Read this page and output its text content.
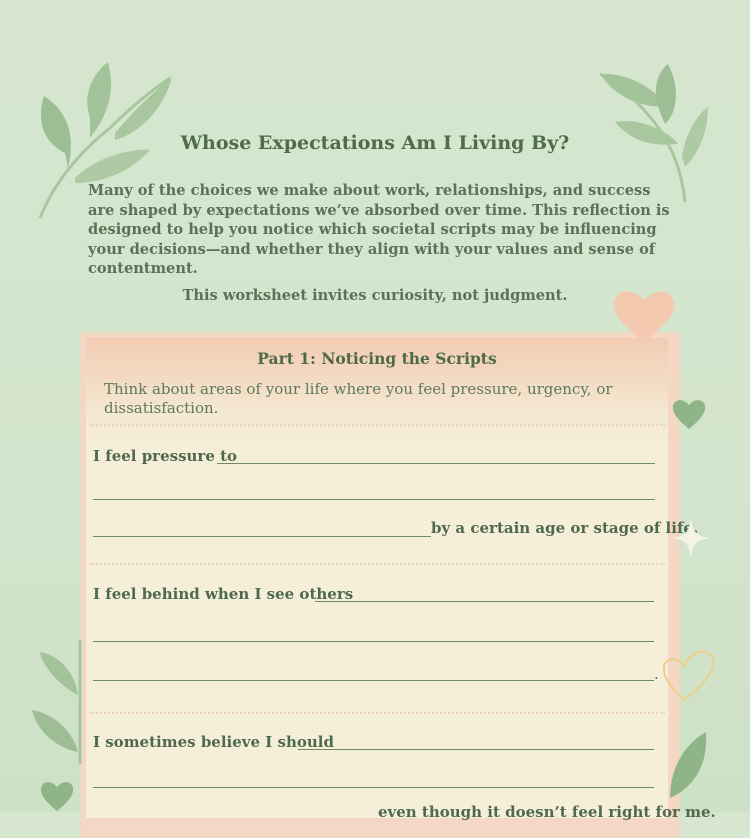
Whose Expectations Am I Living By?

Many of the choices we make about work, relationships, and success are shaped by expectations we’ve absorbed over time. This reflection is designed to help you notice which societal scripts may be influencing your decisions—and whether they align with your values and sense of contentment.

This worksheet invites curiosity, not judgment.

Part 1: Noticing the Scripts

Think about areas of your life where you feel pressure, urgency, or dissatisfaction.

I feel pressure to
by a certain age or stage of life.
I feel behind when I see others
.
I sometimes believe I should
even though it doesn’t feel right for me.
